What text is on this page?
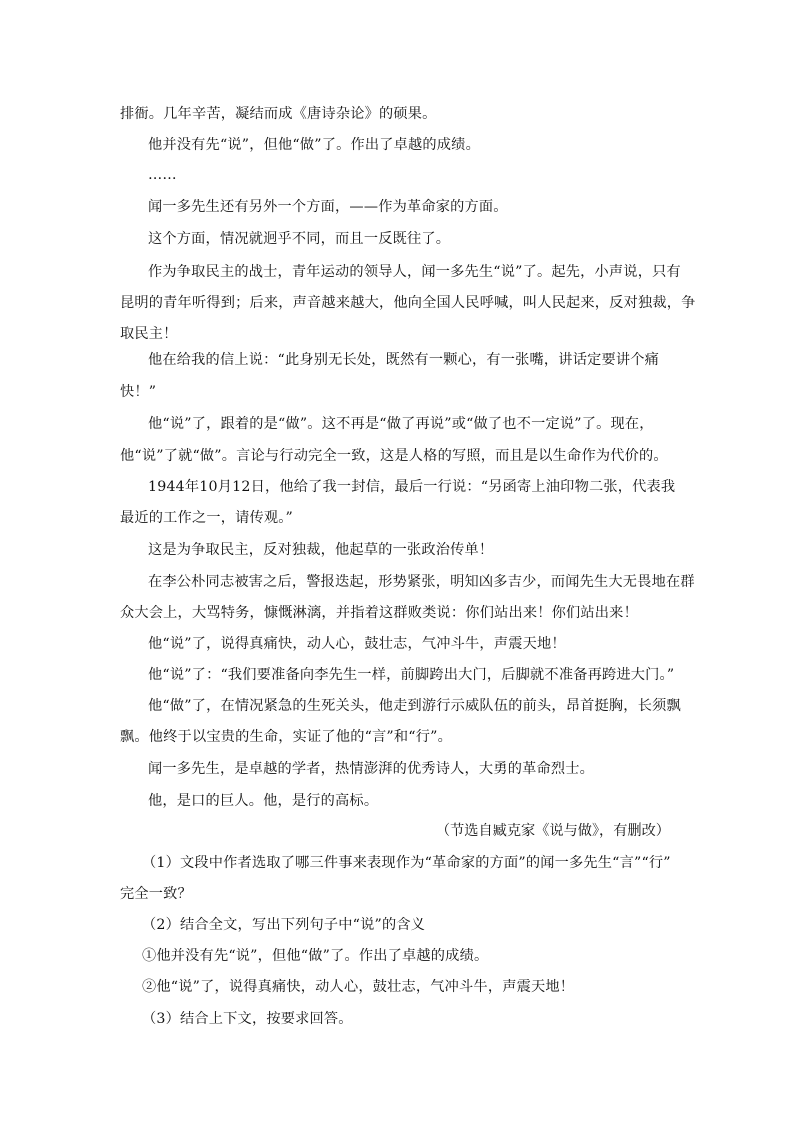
排衙。几年辛苦，凝结而成《唐诗杂论》的硕果。
他并没有先“说”，但他“做”了。作出了卓越的成绩。
……
闻一多先生还有另外一个方面，——作为革命家的方面。
这个方面，情况就迥乎不同，而且一反既往了。
作为争取民主的战士，青年运动的领导人，闻一多先生“说”了。起先，小声说，只有
昆明的青年听得到；后来，声音越来越大，他向全国人民呼喊，叫人民起来，反对独裁，争
取民主！
他在给我的信上说：“此身别无长处，既然有一颗心，有一张嘴，讲话定要讲个痛
快！”
他“说”了，跟着的是“做”。这不再是“做了再说”或“做了也不一定说”了。现在，
他“说”了就“做”。言论与行动完全一致，这是人格的写照，而且是以生命作为代价的。
1944年10月12日，他给了我一封信，最后一行说：“另函寄上油印物二张，代表我
最近的工作之一，请传观。”
这是为争取民主，反对独裁，他起草的一张政治传单！
在李公朴同志被害之后，警报迭起，形势紧张，明知凶多吉少，而闻先生大无畏地在群
众大会上，大骂特务，慷慨淋漓，并指着这群败类说：你们站出来！你们站出来！
他“说”了，说得真痛快，动人心，鼓壮志，气冲斗牛，声震天地！
他“说”了：“我们要准备向李先生一样，前脚跨出大门，后脚就不准备再跨进大门。”
他“做”了，在情况紧急的生死关头，他走到游行示威队伍的前头，昂首挺胸，长须飘
飘。他终于以宝贵的生命，实证了他的“言”和“行”。
闻一多先生，是卓越的学者，热情澎湃的优秀诗人，大勇的革命烈士。
他，是口的巨人。他，是行的高标。
（节选自臧克家《说与做》，有删改）
（1）文段中作者选取了哪三件事来表现作为“革命家的方面”的闻一多先生“言”“行”
完全一致？
（2）结合全文，写出下列句子中“说”的含义
①他并没有先“说”，但他“做”了。作出了卓越的成绩。
②他“说”了，说得真痛快，动人心，鼓壮志，气冲斗牛，声震天地！
（3）结合上下文，按要求回答。
